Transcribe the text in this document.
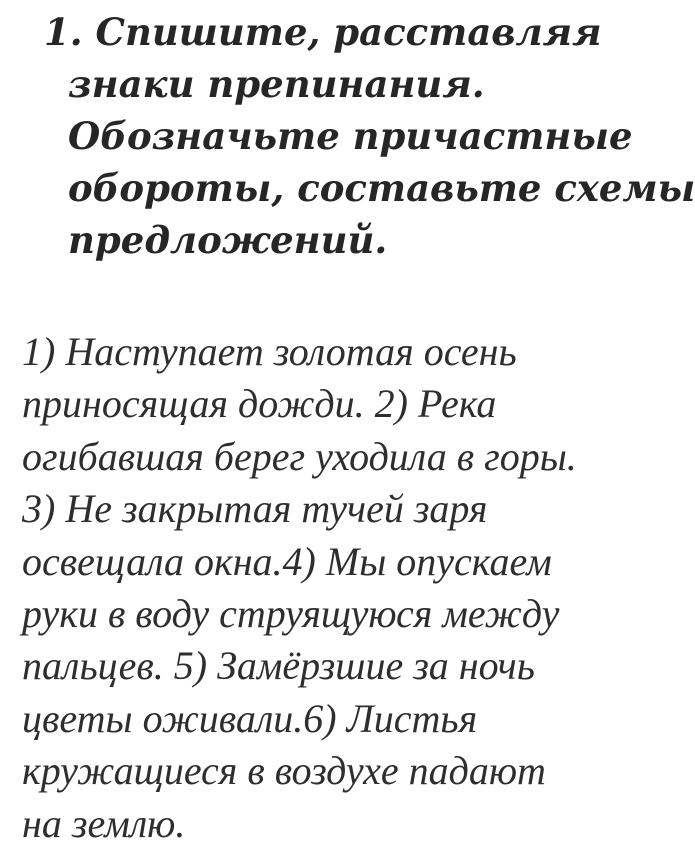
1. Спишите, расставляя
знаки препинания.
Обозначьте причастные
обороты, составьте схемы
предложений.
1) Наступает золотая осень
приносящая дожди. 2) Река
огибавшая берег уходила в горы.
3) Не закрытая тучей заря
освещала окна.4) Мы опускаем
руки в воду струящуюся между
пальцев. 5) Замёрзшие за ночь
цветы оживали.6) Листья
кружащиеся в воздухе падают
на землю.
